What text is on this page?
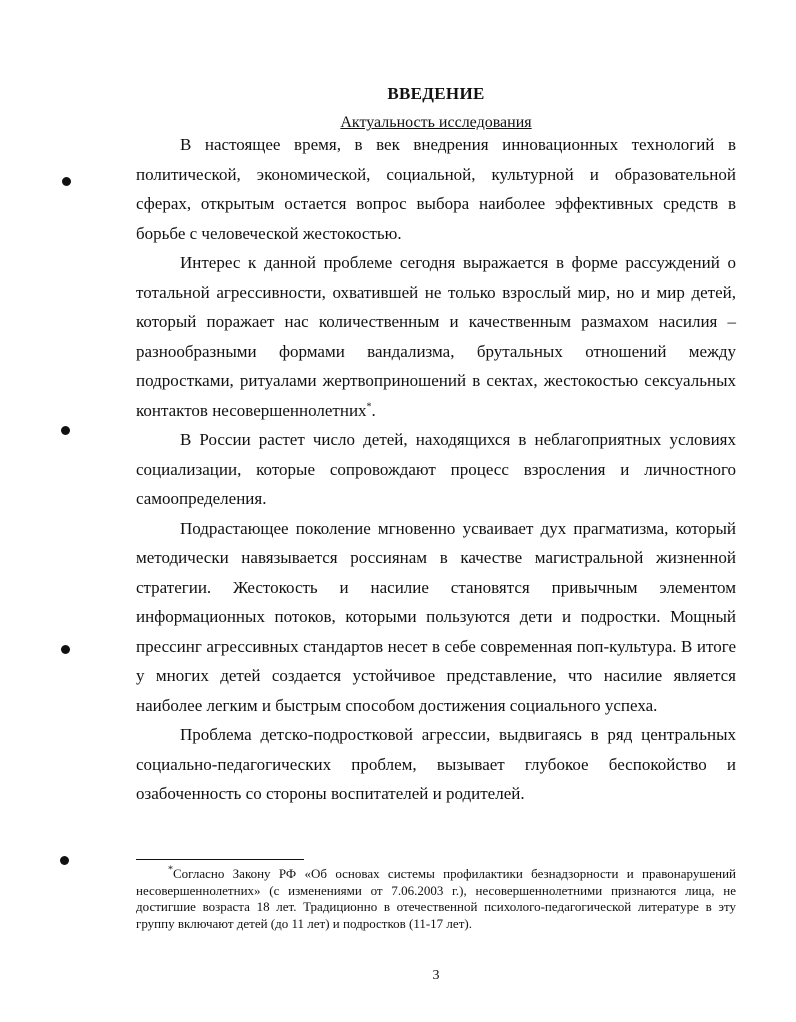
ВВЕДЕНИЕ
Актуальность исследования

В настоящее время, в век внедрения инновационных технологий в политической, экономической, социальной, культурной и образовательной сферах, открытым остается вопрос выбора наиболее эффективных средств в борьбе с человеческой жестокостью.

Интерес к данной проблеме сегодня выражается в форме рассуждений о тотальной агрессивности, охватившей не только взрослый мир, но и мир детей, который поражает нас количественным и качественным размахом насилия – разнообразными формами вандализма, брутальных отношений между подростками, ритуалами жертвоприношений в сектах, жестокостью сексуальных контактов несовершеннолетних*.

В России растет число детей, находящихся в неблагоприятных условиях социализации, которые сопровождают процесс взросления и личностного самоопределения.

Подрастающее поколение мгновенно усваивает дух прагматизма, который методически навязывается россиянам в качестве магистральной жизненной стратегии. Жестокость и насилие становятся привычным элементом информационных потоков, которыми пользуются дети и подростки. Мощный прессинг агрессивных стандартов несет в себе современная поп-культура. В итоге у многих детей создается устойчивое представление, что насилие является наиболее легким и быстрым способом достижения социального успеха.

Проблема детско-подростковой агрессии, выдвигаясь в ряд центральных социально-педагогических проблем, вызывает глубокое беспокойство и озабоченность со стороны воспитателей и родителей.

*Согласно Закону РФ «Об основах системы профилактики безнадзорности и правонарушений несовершеннолетних» (с изменениями от 7.06.2003 г.), несовершеннолетними признаются лица, не достигшие возраста 18 лет. Традиционно в отечественной психолого-педагогической литературе в эту группу включают детей (до 11 лет) и подростков (11-17 лет).

3
